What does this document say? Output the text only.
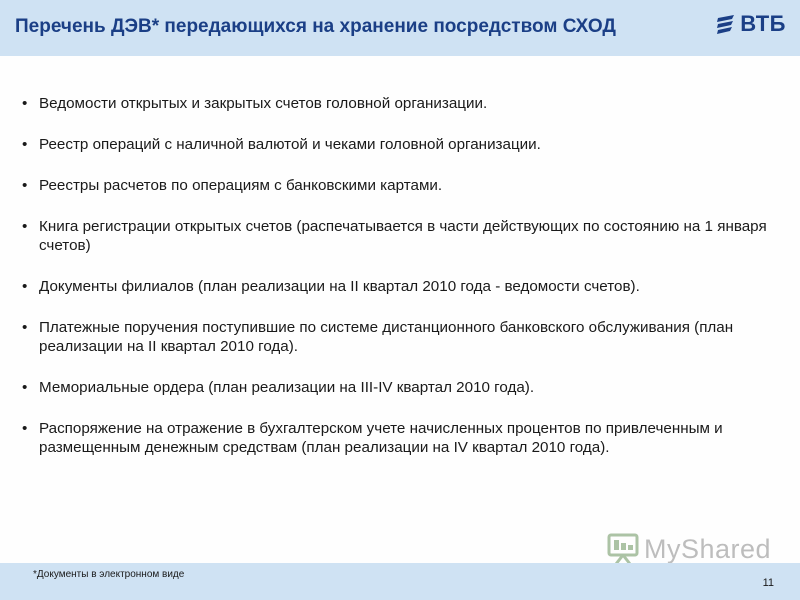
Перечень ДЭВ* передающихся на хранение посредством СХОД	ВТБ
• Ведомости открытых и закрытых счетов головной организации.
• Реестр операций с наличной валютой и чеками головной организации.
• Реестры расчетов по операциям с банковскими картами.
• Книга регистрации открытых счетов (распечатывается в части действующих по состоянию на 1 января счетов)
• Документы филиалов (план реализации на II квартал 2010 года - ведомости счетов).
• Платежные поручения поступившие по системе дистанционного банковского обслуживания (план реализации на II квартал 2010 года).
• Мемориальные ордера (план реализации на III-IV квартал 2010 года).
• Распоряжение на отражение в бухгалтерском учете начисленных процентов по привлеченным и размещенным денежным средствам (план реализации на IV квартал 2010 года).
MyShared
*Документы в электронном виде
11
